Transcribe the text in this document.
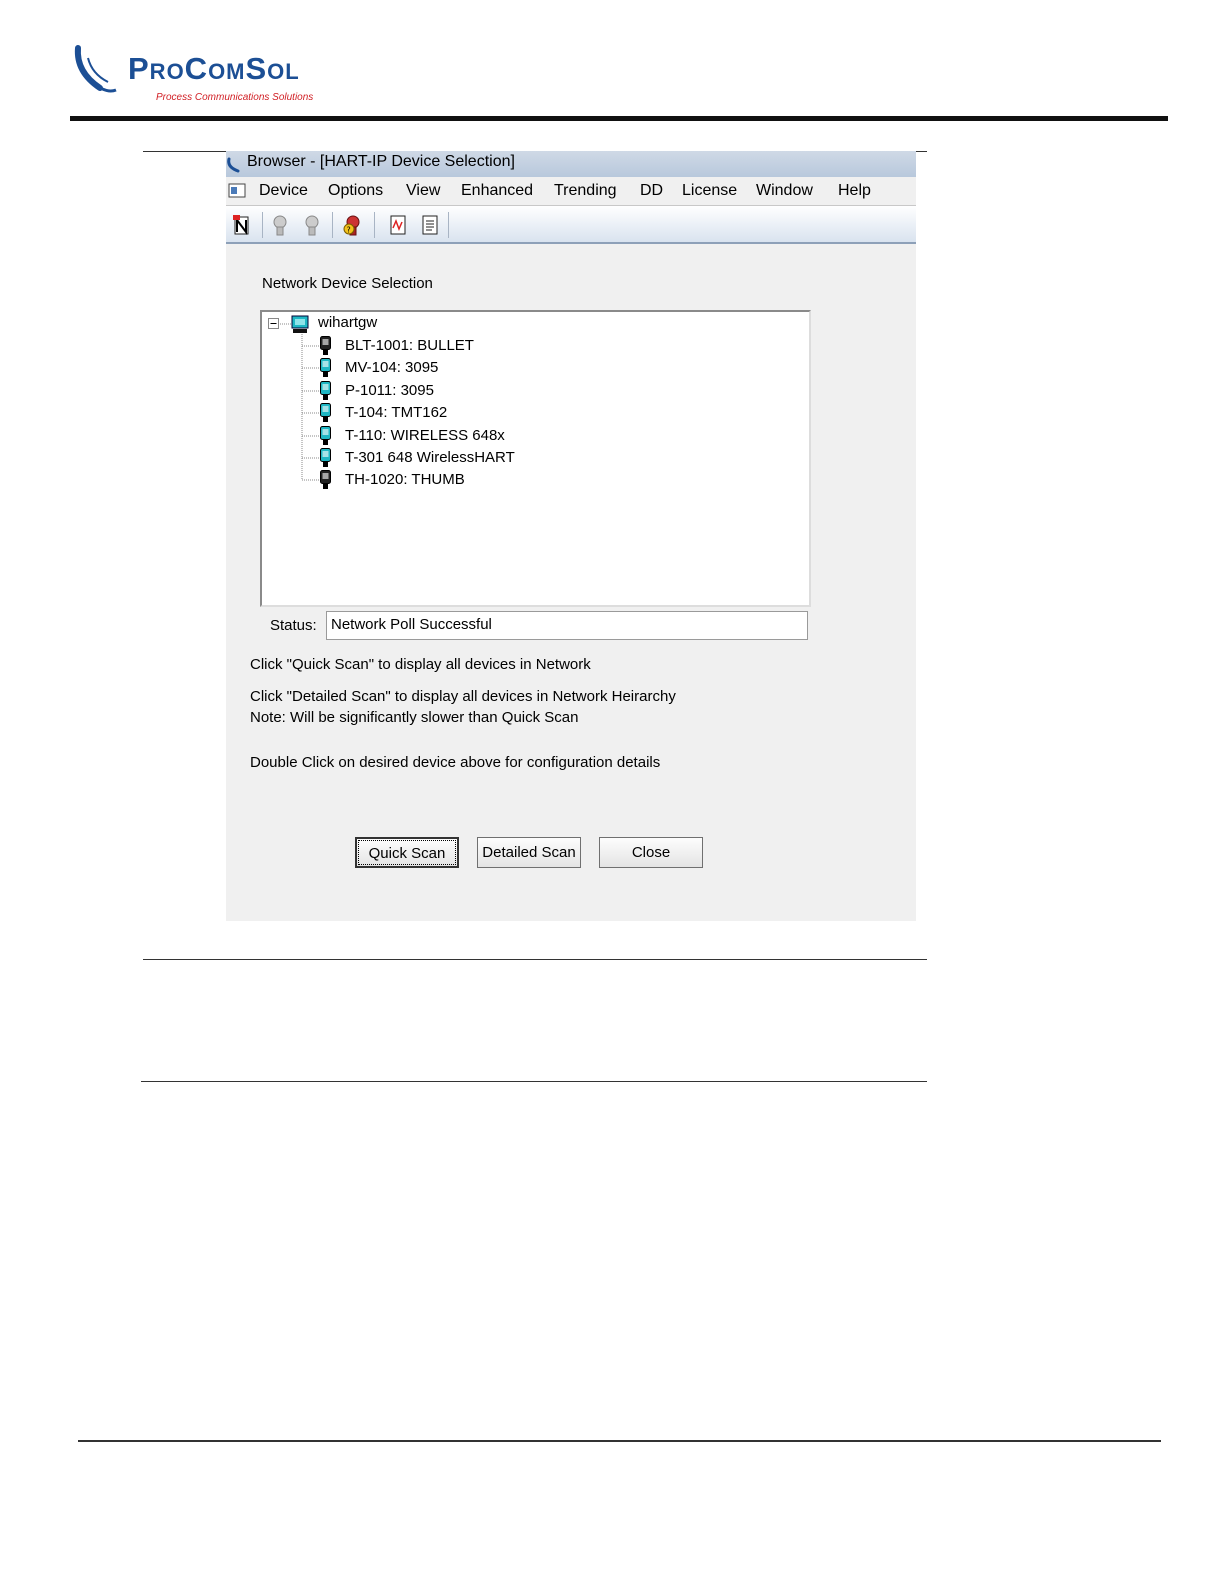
ProComSol
Process Communications Solutions
Browser - [HART-IP Device Selection]
Device Options View Enhanced Trending DD License Window Help
?
Network Device Selection
wihartgw
BLT-1001: BULLET
MV-104: 3095
P-1011: 3095
T-104: TMT162
T-110: WIRELESS 648x
T-301 648 WirelessHART
TH-1020: THUMB
Status: Network Poll Successful
Click "Quick Scan" to display all devices in Network
Click "Detailed Scan" to display all devices in Network Heirarchy
Note: Will be significantly slower than Quick Scan
Double Click on desired device above for configuration details
Quick Scan	Detailed Scan	Close
